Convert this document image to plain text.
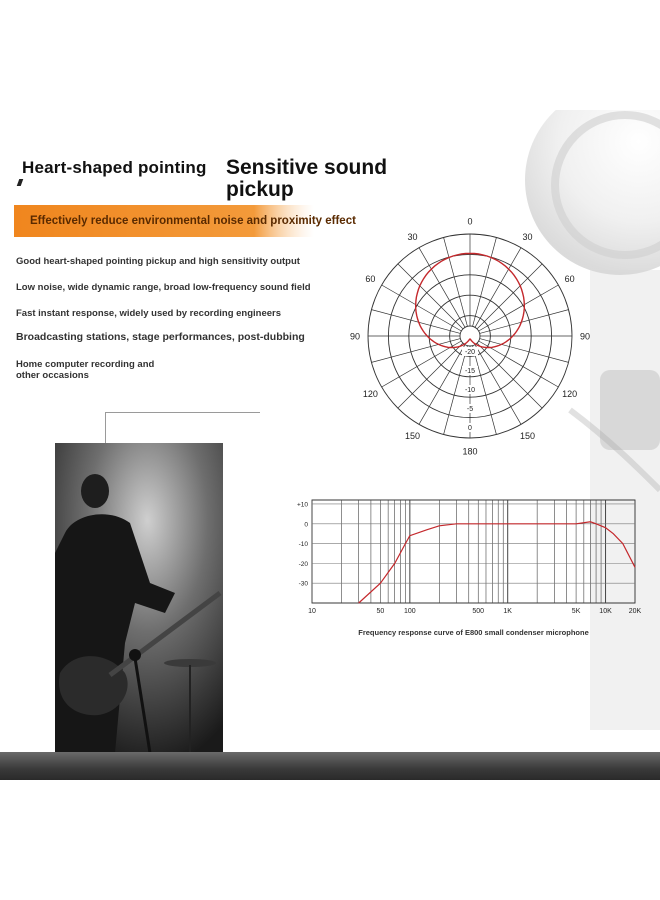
Heart-shaped pointing Sensitive sound pickup
Effectively reduce environmental noise and proximity effect
Good heart-shaped pointing pickup and high sensitivity output
Low noise, wide dynamic range, broad low-frequency sound field
Fast instant response, widely used by recording engineers
Broadcasting stations, stage performances, post-dubbing
Home computer recording and other occasions
0
30
60
90
120
150
180
150
120
90
60
30
-20
-15
-10
-5
0
+10
0
-10
-20
-30
10	50	100	500	1K	5K	10K 20K
Frequency response curve of E800 small condenser microphone
